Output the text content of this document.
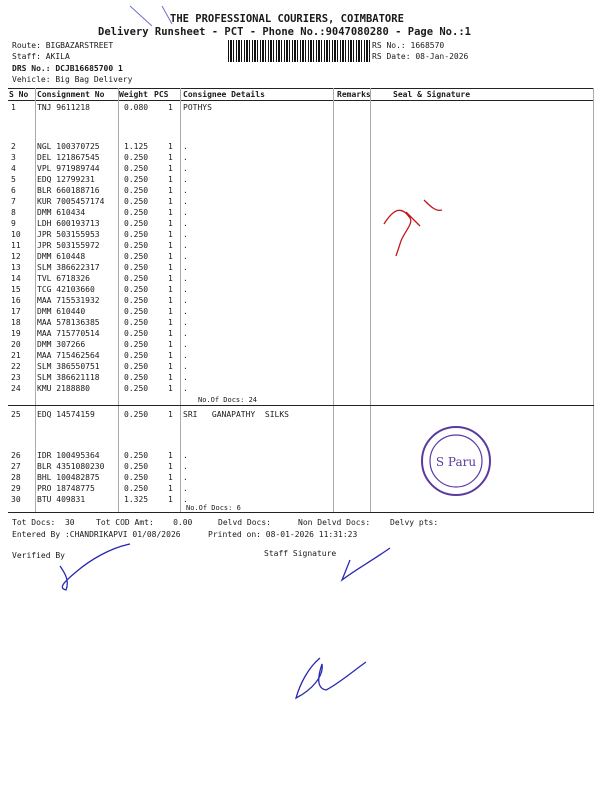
THE PROFESSIONAL COURIERS, COIMBATORE
Delivery Runsheet - PCT - Phone No.:9047080280 - Page No.:1
Route: BIGBAZARSTREET
Staff: AKILA
DRS No.: DCJB16685700 1
Vehicle: Big Bag Delivery
RS No.: 1668570
RS Date: 08-Jan-2026
S No Consignment No Weight PCS Consignee Details	Remarks	Seal & Signature
1	TNJ 9611218	0.080 1 POTHYS
2	NGL 100370725	1.125 1 .
3	DEL 121867545	0.250 1 .
4	VPL 971989744	0.250 1 .
5	EDQ 12799231	0.250 1 .
6	BLR 660188716	0.250 1 .
7	KUR 7005457174 0.250 1 .
8	DMM 610434	0.250 1 .
9	LDH 600193713	0.250 1 .
10 JPR 503155953	0.250 1 .
11 JPR 503155972	0.250 1 .
12 DMM 610448	0.250 1 .
13 SLM 386622317	0.250 1 .
14 TVL 6718326	0.250 1 .
15 TCG 42103660	0.250 1 .
16 MAA 715531932	0.250 1 .
17 DMM 610440	0.250 1 .
18 MAA 578136385	0.250 1 .
19 MAA 715770514	0.250 1 .
20 DMM 307266	0.250 1 .
21 MAA 715462564	0.250 1 .
22 SLM 386550751	0.250 1 .
23 SLM 386621118	0.250 1 .
24 KMU 2188880	0.250 1 .
No.Of Docs: 24
25 EDQ 14574159	0.250 1 SRI   GANAPATHY  SILKS
26 IDR 100495364	0.250 1 .
27 BLR 4351080230 0.250 1 .
28 BHL 100482875	0.250 1 .
29 PRO 18748775	0.250 1 .
30 BTU 409831	1.325 1 .
No.Of Docs: 6
Tot Docs:  30	Tot COD Amt:    0.00	Delvd Docs:	Non Delvd Docs: Delvy pts:
Entered By :CHANDRIKAPVI 01/08/2026	Printed on: 08-01-2026 11:31:23
Verified By	Staff Signature
S Paru
